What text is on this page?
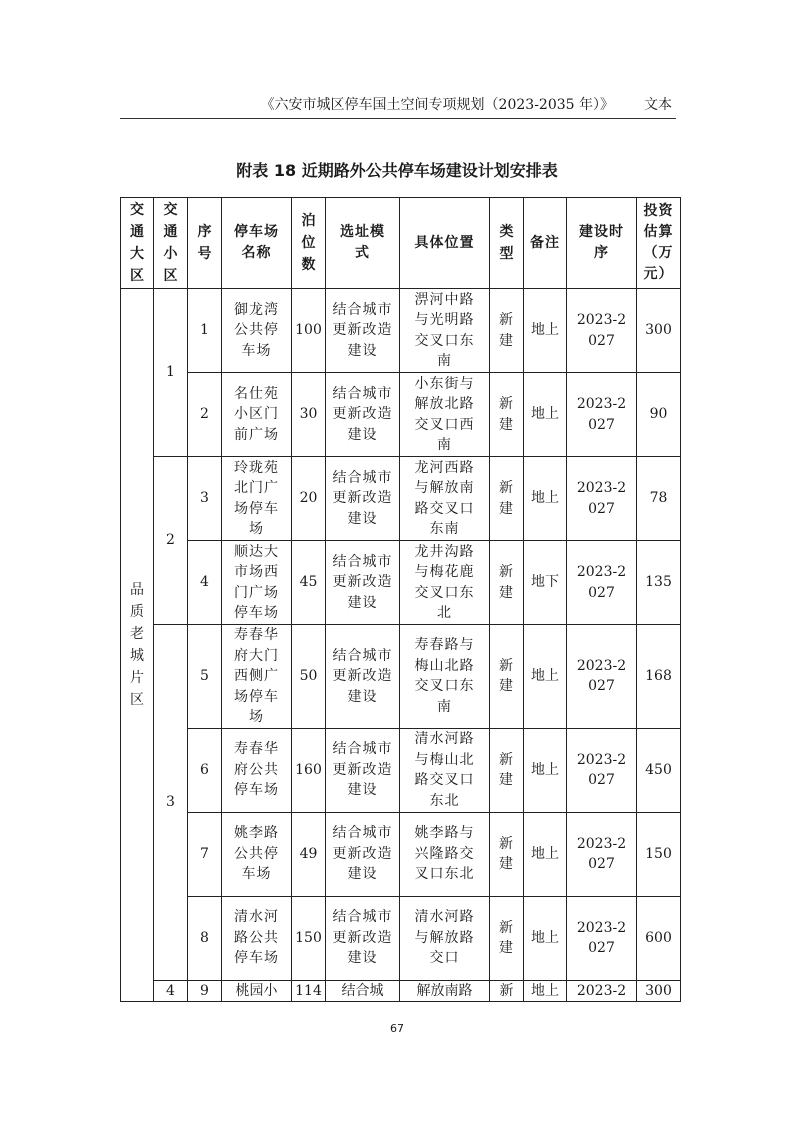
《六安市城区停车国土空间专项规划（2023-2035 年）》 文本
附表 18 近期路外公共停车场建设计划安排表
交通大区	交通小区	序号	停车场名称	泊位数	选址模式	具体位置	类型	备注	建设时序	投资估算（万元）

品质老城片区	1	1	御龙湾公共停车场	100	结合城市更新改造建设	淠河中路与光明路交叉口东南	新建	地上	2023-2027	300
		2	名仕苑小区门前广场	30	结合城市更新改造建设	小东街与解放北路交叉口西南	新建	地上	2023-2027	90
	2	3	玲珑苑北门广场停车场	20	结合城市更新改造建设	龙河西路与解放南路交叉口东南	新建	地上	2023-2027	78
		4	顺达大市场西门广场停车场	45	结合城市更新改造建设	龙井沟路与梅花鹿交叉口东北	新建	地下	2023-2027	135
	3	5	寿春华府大门西侧广场停车场	50	结合城市更新改造建设	寿春路与梅山北路交叉口东南	新建	地上	2023-2027	168
		6	寿春华府公共停车场	160	结合城市更新改造建设	清水河路与梅山北路交叉口东北	新建	地上	2023-2027	450
		7	姚李路公共停车场	49	结合城市更新改造建设	姚李路与兴隆路交叉口东北	新建	地上	2023-2027	150
		8	清水河路公共停车场	150	结合城市更新改造建设	清水河路与解放路交口	新建	地上	2023-2027	600
	4	9	桃园小	114	结合城	解放南路	新	地上	2023-2	300
67
